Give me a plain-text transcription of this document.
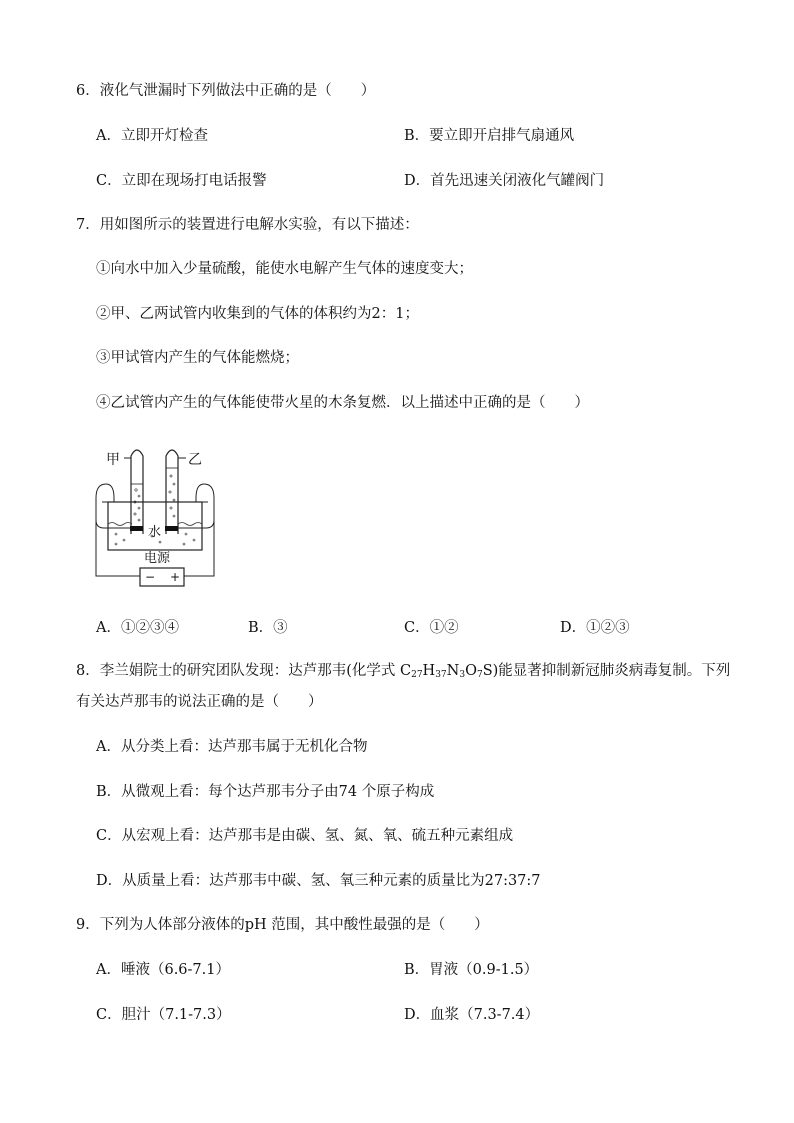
6．液化气泄漏时下列做法中正确的是（　　）
A．立即开灯检查	B．要立即开启排气扇通风
C．立即在现场打电话报警	D．首先迅速关闭液化气罐阀门
7．用如图所示的装置进行电解水实验，有以下描述：
①向水中加入少量硫酸，能使水电解产生气体的速度变大；
②甲、乙两试管内收集到的气体的体积约为2：1；
③甲试管内产生的气体能燃烧；
④乙试管内产生的气体能使带火星的木条复燃．以上描述中正确的是（　　）
甲	乙
水
电源
− +
A．①②③④	B．③	C．①②	D．①②③
8．李兰娟院士的研究团队发现：达芦那韦(化学式 $C_{27}H_{37}N_3O_7S$)能显著抑制新冠肺炎病毒复制。下列
有关达芦那韦的说法正确的是（　　）
A．从分类上看：达芦那韦属于无机化合物
B．从微观上看：每个达芦那韦分子由74 个原子构成
C．从宏观上看：达芦那韦是由碳、氢、氮、氧、硫五种元素组成
D．从质量上看：达芦那韦中碳、氢、氧三种元素的质量比为27:37:7
9．下列为人体部分液体的pH 范围，其中酸性最强的是（　　）
A．唾液（6.6-7.1）	B．胃液（0.9-1.5）
C．胆汁（7.1-7.3）	D．血浆（7.3-7.4）
